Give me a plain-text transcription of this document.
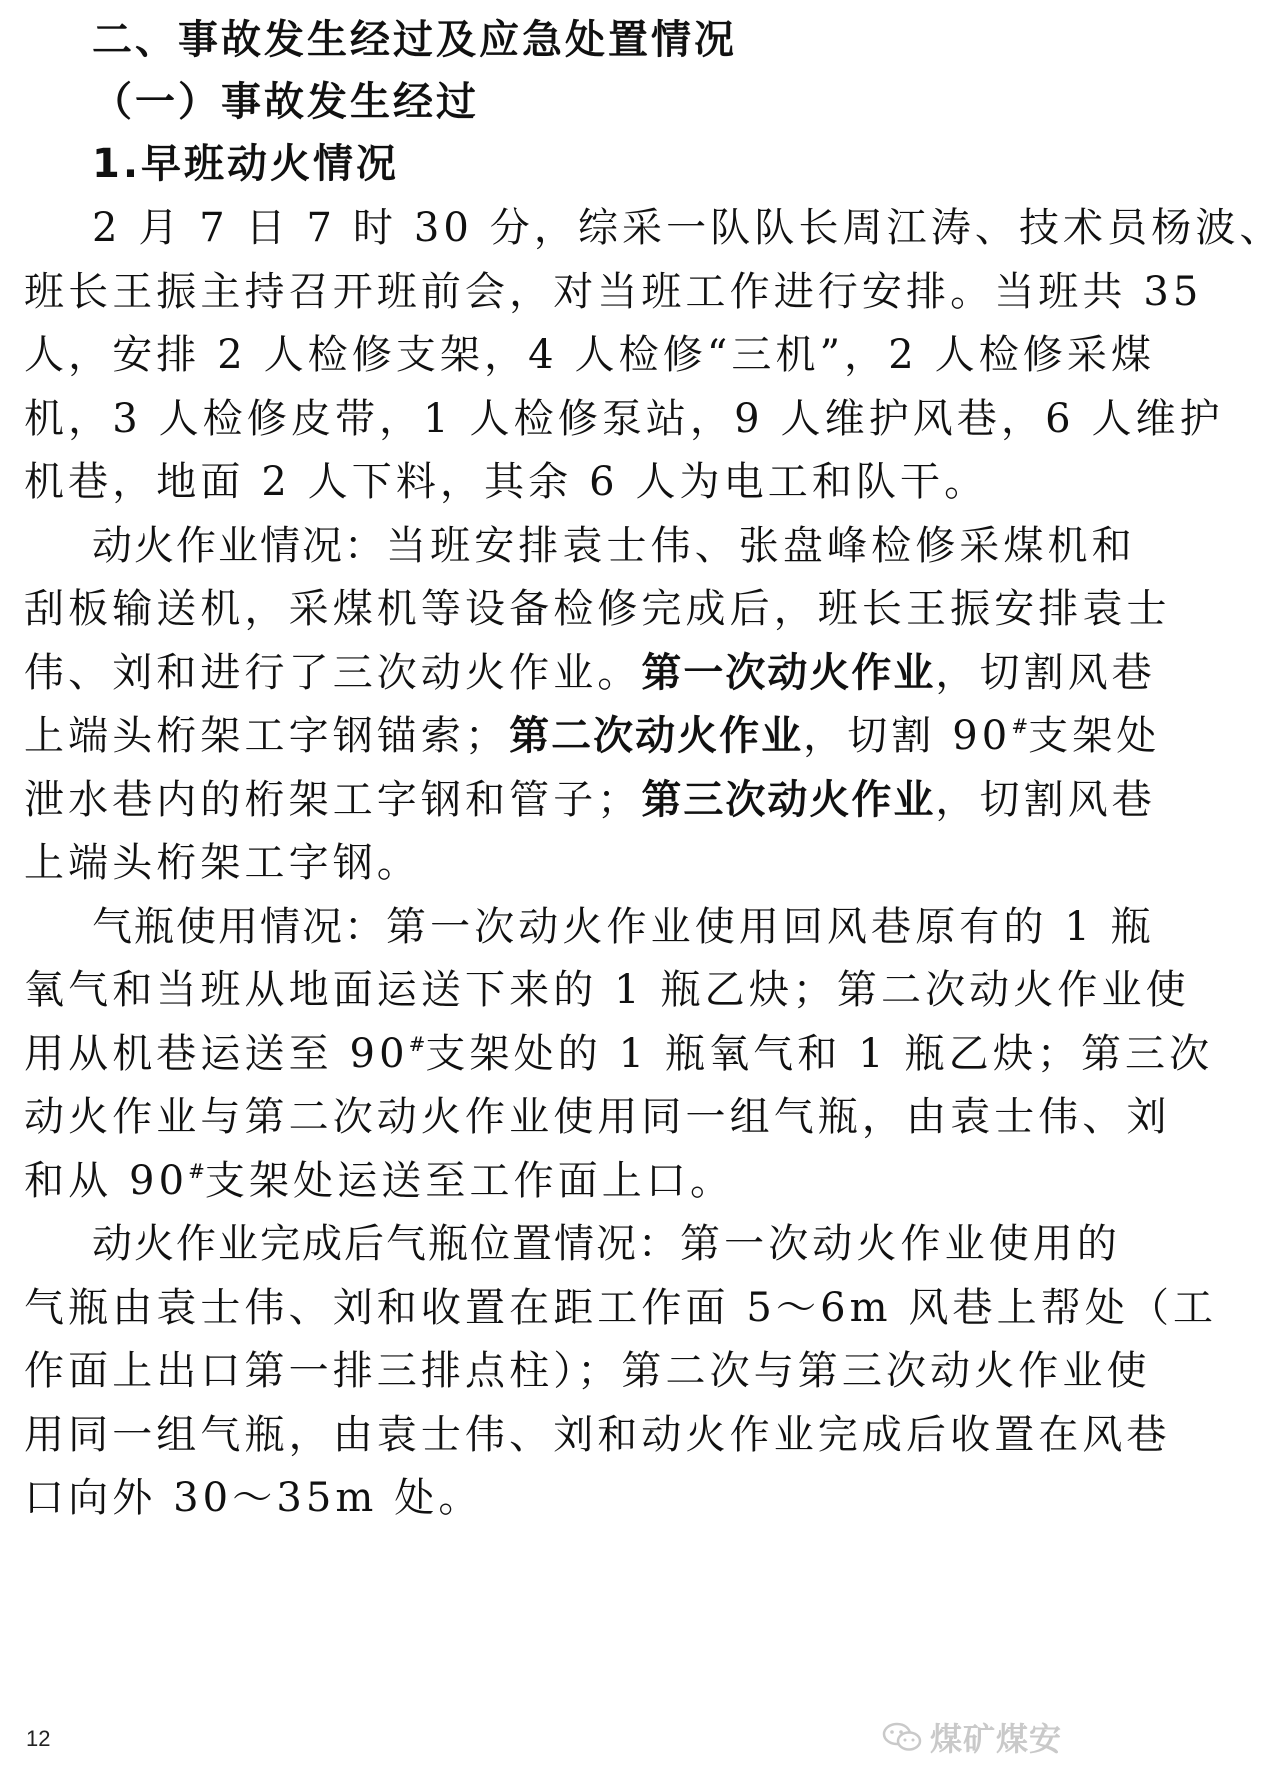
二、事故发生经过及应急处置情况
（一）事故发生经过
1.早班动火情况
2 月 7 日 7 时 30 分，综采一队队长周江涛、技术员杨波、
班长王振主持召开班前会，对当班工作进行安排。当班共 35
人，安排 2 人检修支架，4 人检修“三机”，2 人检修采煤
机，3 人检修皮带，1 人检修泵站，9 人维护风巷，6 人维护
机巷，地面 2 人下料，其余 6 人为电工和队干。
动火作业情况：当班安排袁士伟、张盘峰检修采煤机和
刮板输送机，采煤机等设备检修完成后，班长王振安排袁士
伟、刘和进行了三次动火作业。第一次动火作业，切割风巷
上端头桁架工字钢锚索；第二次动火作业，切割 90#支架处
泄水巷内的桁架工字钢和管子；第三次动火作业，切割风巷
上端头桁架工字钢。
气瓶使用情况：第一次动火作业使用回风巷原有的 1 瓶
氧气和当班从地面运送下来的 1 瓶乙炔；第二次动火作业使
用从机巷运送至 90#支架处的 1 瓶氧气和 1 瓶乙炔；第三次
动火作业与第二次动火作业使用同一组气瓶，由袁士伟、刘
和从 90#支架处运送至工作面上口。
动火作业完成后气瓶位置情况：第一次动火作业使用的
气瓶由袁士伟、刘和收置在距工作面 5～6m 风巷上帮处（工
作面上出口第一排三排点柱）；第二次与第三次动火作业使
用同一组气瓶，由袁士伟、刘和动火作业完成后收置在风巷
口向外 30～35m 处。
12	煤矿煤安
